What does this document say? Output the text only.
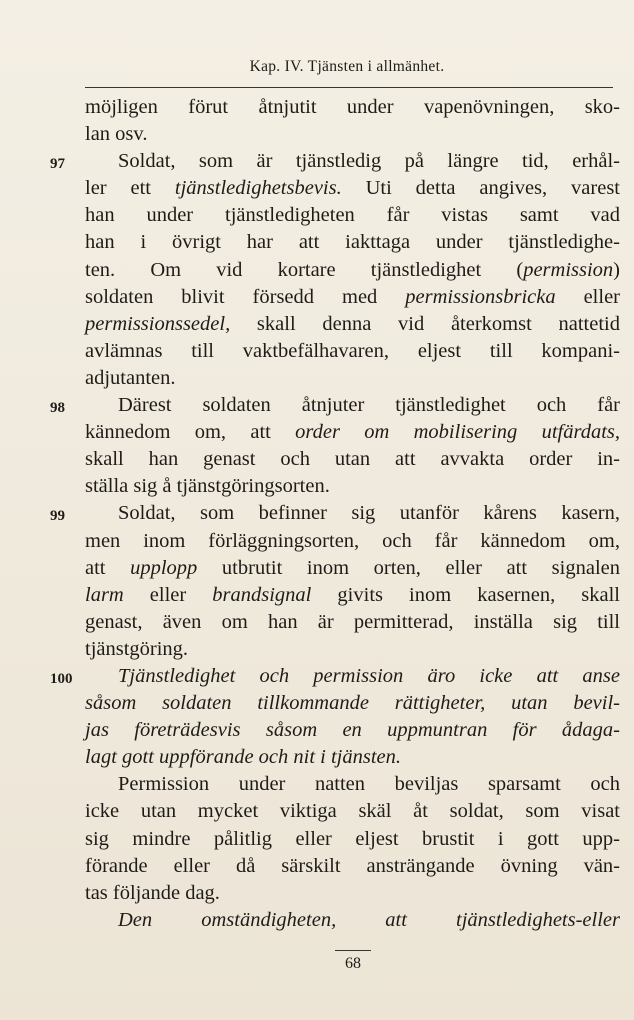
Kap. IV. Tjänsten i allmänhet.
möjligen förut åtnjutit under vapenövningen, sko-
lan osv.
97	Soldat, som är tjänstledig på längre tid, erhål-
ler ett tjänstledighetsbevis. Uti detta angives, varest
han under tjänstledigheten får vistas samt vad
han i övrigt har att iakttaga under tjänstledighe-
ten. Om vid kortare tjänstledighet (permission)
soldaten blivit försedd med permissionsbricka eller
permissionssedel, skall denna vid återkomst nattetid
avlämnas till vaktbefälhavaren, eljest till kompani-
adjutanten.
98	Därest soldaten åtnjuter tjänstledighet och får
kännedom om, att order om mobilisering utfärdats,
skall han genast och utan att avvakta order in-
ställa sig å tjänstgöringsorten.
99	Soldat, som befinner sig utanför kårens kasern,
men inom förläggningsorten, och får kännedom om,
att upplopp utbrutit inom orten, eller att signalen
larm eller brandsignal givits inom kasernen, skall
genast, även om han är permitterad, inställa sig till
tjänstgöring.
100 Tjänstledighet och permission äro icke att anse
såsom soldaten tillkommande rättigheter, utan bevil-
jas företrädesvis såsom en uppmuntran för ådaga-
lagt gott uppförande och nit i tjänsten.
Permission under natten beviljas sparsamt och
icke utan mycket viktiga skäl åt soldat, som visat
sig mindre pålitlig eller eljest brustit i gott upp-
förande eller då särskilt ansträngande övning vän-
tas följande dag.
Den omständigheten, att tjänstledighets-eller
68
